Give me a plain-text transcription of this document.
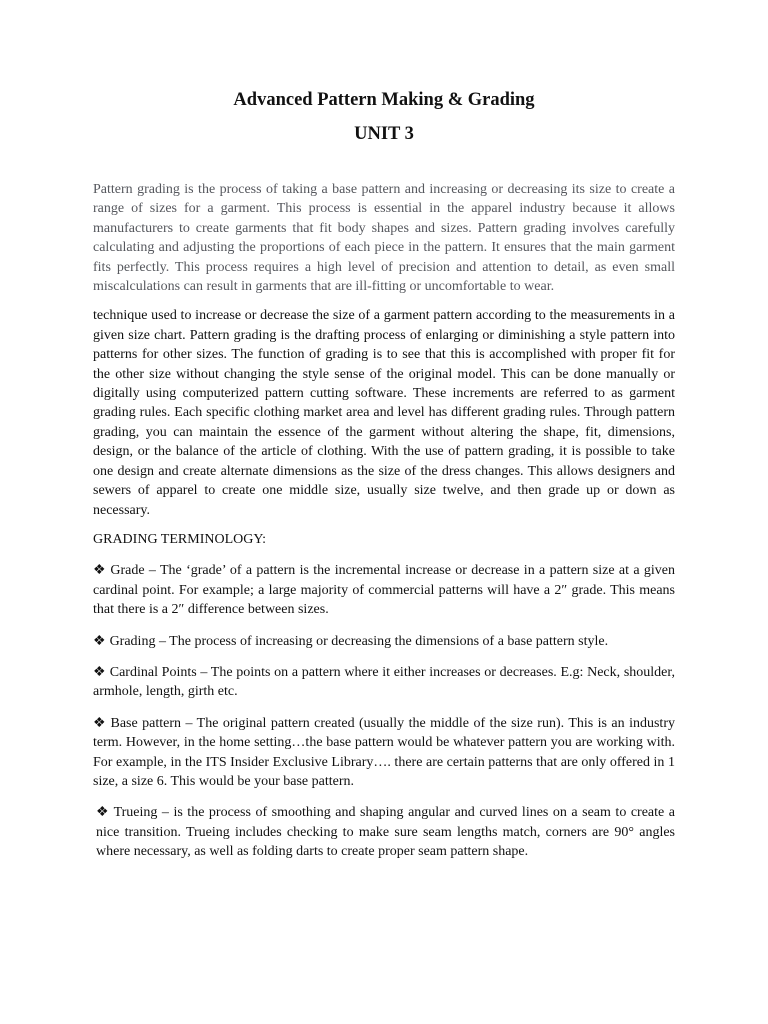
Advanced Pattern Making & Grading
UNIT 3

Pattern grading is the process of taking a base pattern and increasing or decreasing its size to create a range of sizes for a garment. This process is essential in the apparel industry because it allows manufacturers to create garments that fit body shapes and sizes. Pattern grading involves carefully calculating and adjusting the proportions of each piece in the pattern. It ensures that the main garment fits perfectly. This process requires a high level of precision and attention to detail, as even small miscalculations can result in garments that are ill-fitting or uncomfortable to wear.

technique used to increase or decrease the size of a garment pattern according to the measurements in a given size chart. Pattern grading is the drafting process of enlarging or diminishing a style pattern into patterns for other sizes. The function of grading is to see that this is accomplished with proper fit for the other size without changing the style sense of the original model. This can be done manually or digitally using computerized pattern cutting software. These increments are referred to as garment grading rules. Each specific clothing market area and level has different grading rules. Through pattern grading, you can maintain the essence of the garment without altering the shape, fit, dimensions, design, or the balance of the article of clothing. With the use of pattern grading, it is possible to take one design and create alternate dimensions as the size of the dress changes. This allows designers and sewers of apparel to create one middle size, usually size twelve, and then grade up or down as necessary.

GRADING TERMINOLOGY:

❖ Grade – The ‘grade’ of a pattern is the incremental increase or decrease in a pattern size at a given cardinal point. For example; a large majority of commercial patterns will have a 2″ grade. This means that there is a 2″ difference between sizes.

❖ Grading – The process of increasing or decreasing the dimensions of a base pattern style.

❖ Cardinal Points – The points on a pattern where it either increases or decreases. E.g: Neck, shoulder, armhole, length, girth etc.

❖ Base pattern – The original pattern created (usually the middle of the size run). This is an industry term. However, in the home setting…the base pattern would be whatever pattern you are working with. For example, in the ITS Insider Exclusive Library…. there are certain patterns that are only offered in 1 size, a size 6. This would be your base pattern.

❖ Trueing – is the process of smoothing and shaping angular and curved lines on a seam to create a nice transition. Trueing includes checking to make sure seam lengths match, corners are 90° angles where necessary, as well as folding darts to create proper seam pattern shape.
